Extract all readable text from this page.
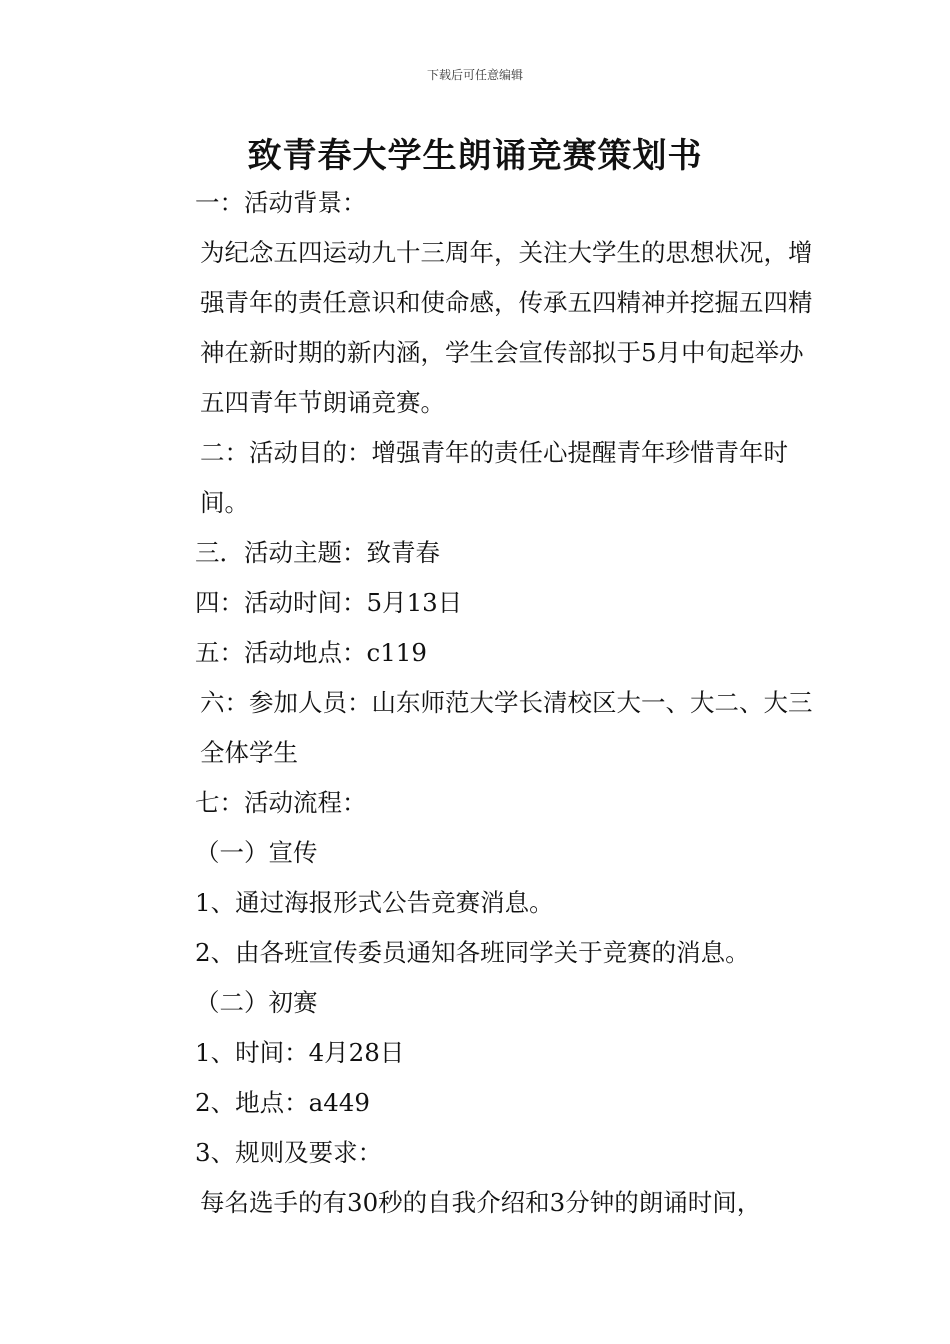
下载后可任意编辑
致青春大学生朗诵竞赛策划书

一：活动背景：

为纪念五四运动九十三周年，关注大学生的思想状况，增强青年的责任意识和使命感，传承五四精神并挖掘五四精神在新时期的新内涵，学生会宣传部拟于5月中旬起举办五四青年节朗诵竞赛。

二：活动目的：增强青年的责任心提醒青年珍惜青年时间。

三．活动主题：致青春

四：活动时间：5月13日

五：活动地点：c119

六：参加人员：山东师范大学长清校区大一、大二、大三全体学生

七：活动流程：

（一）宣传

1、通过海报形式公告竞赛消息。

2、由各班宣传委员通知各班同学关于竞赛的消息。

（二）初赛

1、时间：4月28日

2、地点：a449

3、规则及要求：

每名选手的有30秒的自我介绍和3分钟的朗诵时间，
